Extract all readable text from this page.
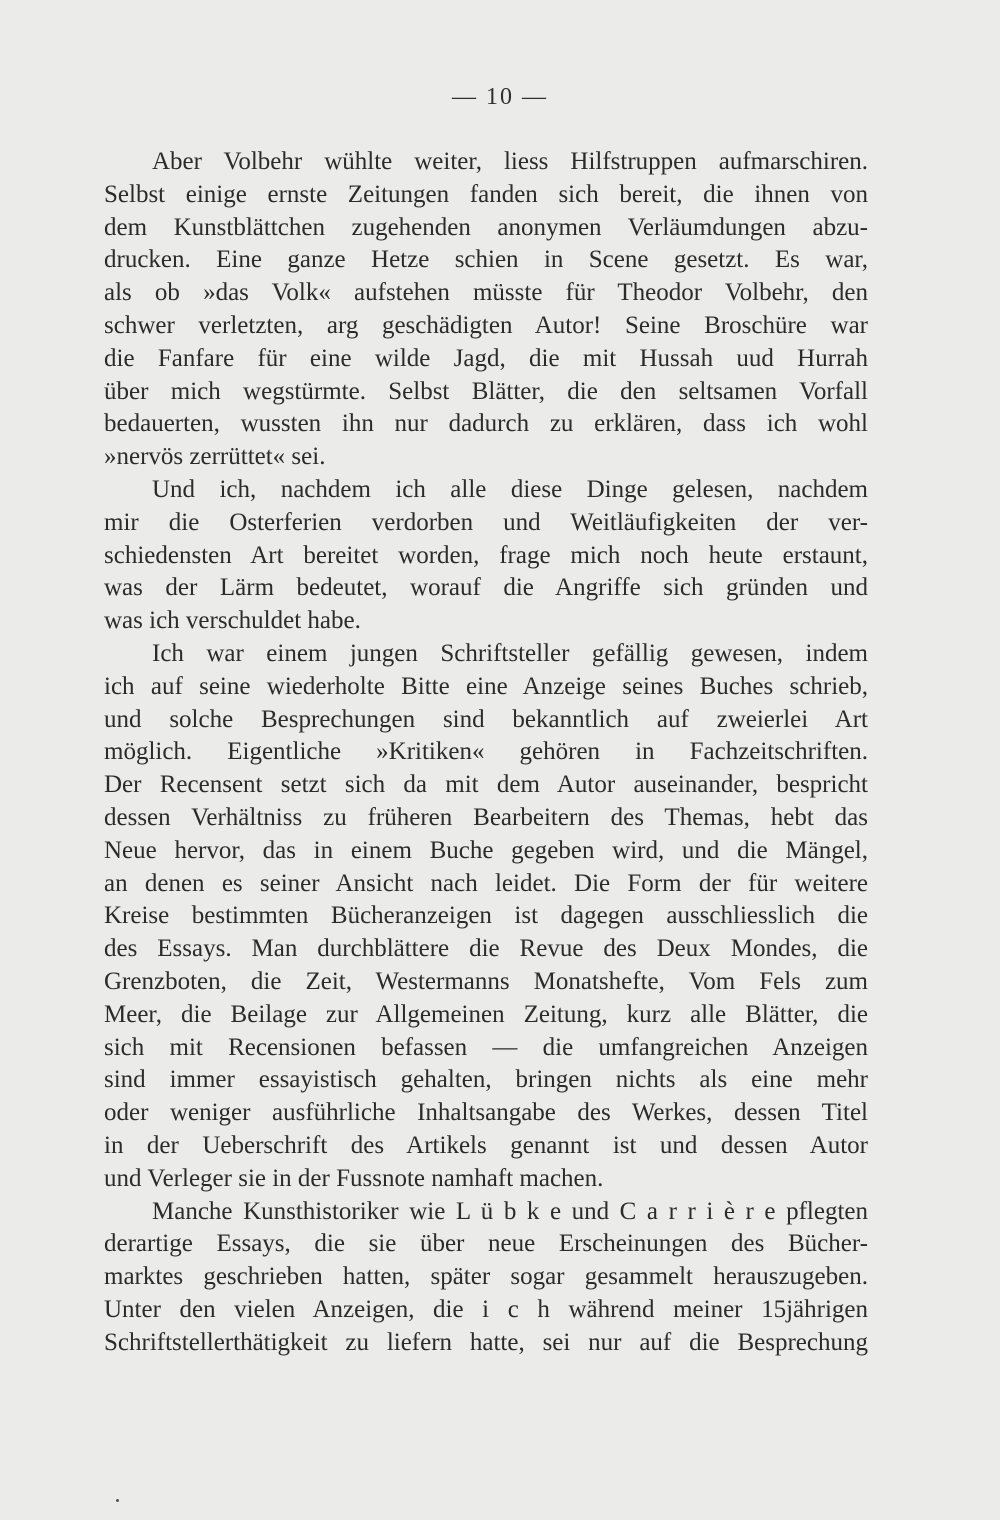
— 10 —

Aber Volbehr wühlte weiter, liess Hilfstruppen aufmarschiren.
Selbst einige ernste Zeitungen fanden sich bereit, die ihnen von
dem Kunstblättchen zugehenden anonymen Verläumdungen abzu-
drucken. Eine ganze Hetze schien in Scene gesetzt. Es war,
als ob »das Volk« aufstehen müsste für Theodor Volbehr, den
schwer verletzten, arg geschädigten Autor! Seine Broschüre war
die Fanfare für eine wilde Jagd, die mit Hussah uud Hurrah
über mich wegstürmte. Selbst Blätter, die den seltsamen Vorfall
bedauerten, wussten ihn nur dadurch zu erklären, dass ich wohl
»nervös zerrüttet« sei.

Und ich, nachdem ich alle diese Dinge gelesen, nachdem
mir die Osterferien verdorben und Weitläufigkeiten der ver-
schiedensten Art bereitet worden, frage mich noch heute erstaunt,
was der Lärm bedeutet, worauf die Angriffe sich gründen und
was ich verschuldet habe.

Ich war einem jungen Schriftsteller gefällig gewesen, indem
ich auf seine wiederholte Bitte eine Anzeige seines Buches schrieb,
und solche Besprechungen sind bekanntlich auf zweierlei Art
möglich. Eigentliche »Kritiken« gehören in Fachzeitschriften.
Der Recensent setzt sich da mit dem Autor auseinander, bespricht
dessen Verhältniss zu früheren Bearbeitern des Themas, hebt das
Neue hervor, das in einem Buche gegeben wird, und die Mängel,
an denen es seiner Ansicht nach leidet. Die Form der für weitere
Kreise bestimmten Bücheranzeigen ist dagegen ausschliesslich die
des Essays. Man durchblättere die Revue des Deux Mondes, die
Grenzboten, die Zeit, Westermanns Monatshefte, Vom Fels zum
Meer, die Beilage zur Allgemeinen Zeitung, kurz alle Blätter, die
sich mit Recensionen befassen — die umfangreichen Anzeigen
sind immer essayistisch gehalten, bringen nichts als eine mehr
oder weniger ausführliche Inhaltsangabe des Werkes, dessen Titel
in der Ueberschrift des Artikels genannt ist und dessen Autor
und Verleger sie in der Fussnote namhaft machen.

Manche Kunsthistoriker wie L ü b k e und C a r r i è r e pflegten
derartige Essays, die sie über neue Erscheinungen des Bücher-
marktes geschrieben hatten, später sogar gesammelt herauszugeben.
Unter den vielen Anzeigen, die i c h während meiner 15jährigen
Schriftstellerthätigkeit zu liefern hatte, sei nur auf die Besprechung
